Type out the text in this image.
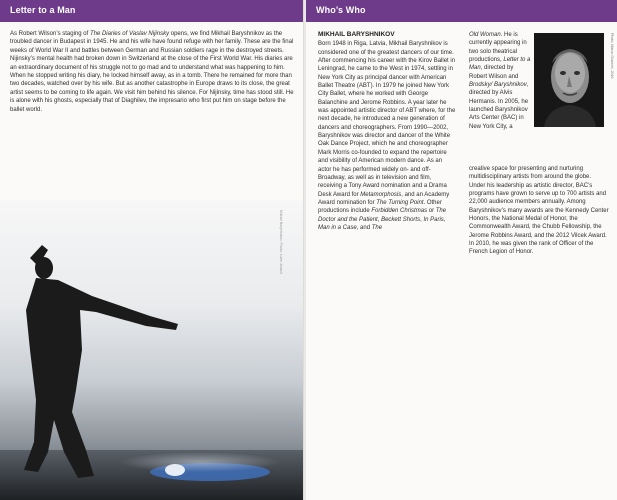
Letter to a Man
As Robert Wilson’s staging of The Diaries of Vaslav Nijinsky opens, we find Mikhail Baryshnikov as the troubled dancer in Budapest in 1945. He and his wife have found refuge with her family. These are the final weeks of World War II and battles between German and Russian soldiers rage in the destroyed streets. Nijinsky’s mental health had broken down in Switzerland at the close of the First World War. His diaries are an extraordinary document of his struggle not to go mad and to understand what was happening to him. When he stopped writing his diary, he locked himself away, as in a tomb. There he remained for more than two decades, watched over by his wife. But as another catastrophe in Europe draws to its close, the great artist seems to be coming to life again. We visit him behind his silence. For Nijinsky, time has stood still. He is alone with his ghosts, especially that of Diaghilev, the impresario who first put him on stage before the ballet world.
Mikhail Baryshnikov. Photo: Lucie Jansch
Who’s Who
MIKHAIL BARYSHNIKOV
Born 1948 in Riga, Latvia, Mikhail Baryshnikov is considered one of the greatest dancers of our time. After commencing his career with the Kirov Ballet in Leningrad, he came to the West in 1974, settling in New York City as principal dancer with American Ballet Theatre (ABT). In 1979 he joined New York City Ballet, where he worked with George Balanchine and Jerome Robbins. A year later he was appointed artistic director of ABT where, for the next decade, he introduced a new generation of dancers and choreographers. From 1990—2002, Baryshnikov was director and dancer of the White Oak Dance Project, which he and choreographer Mark Morris co-founded to expand the repertoire and visibility of American modern dance. As an actor he has performed widely on- and off-Broadway, as well as in television and film, receiving a Tony Award nomination and a Drama Desk Award for Metamorphosis, and an Academy Award nomination for The Turning Point. Other productions include Forbidden Christmas or The Doctor and the Patient, Beckett Shorts, In Paris, Man in a Case, and The
Old Woman. He is currently appearing in two solo theatrical productions, Letter to a Man, directed by Robert Wilson and Brodsky/ Baryshnikov, directed by Alvis Hermanis. In 2005, he launched Baryshnikov Arts Center (BAC) in New York City, a
Photo: Marco Giannini, 2016
creative space for presenting and nurturing multidisciplinary artists from around the globe. Under his leadership as artistic director, BAC’s programs have grown to serve up to 700 artists and 22,000 audience members annually. Among Baryshnikov’s many awards are the Kennedy Center Honors, the National Medal of Honor, the Commonwealth Award, the Chubb Fellowship, the Jerome Robbins Award, and the 2012 Vilcek Award. In 2010, he was given the rank of Officer of the French Legion of Honor.
